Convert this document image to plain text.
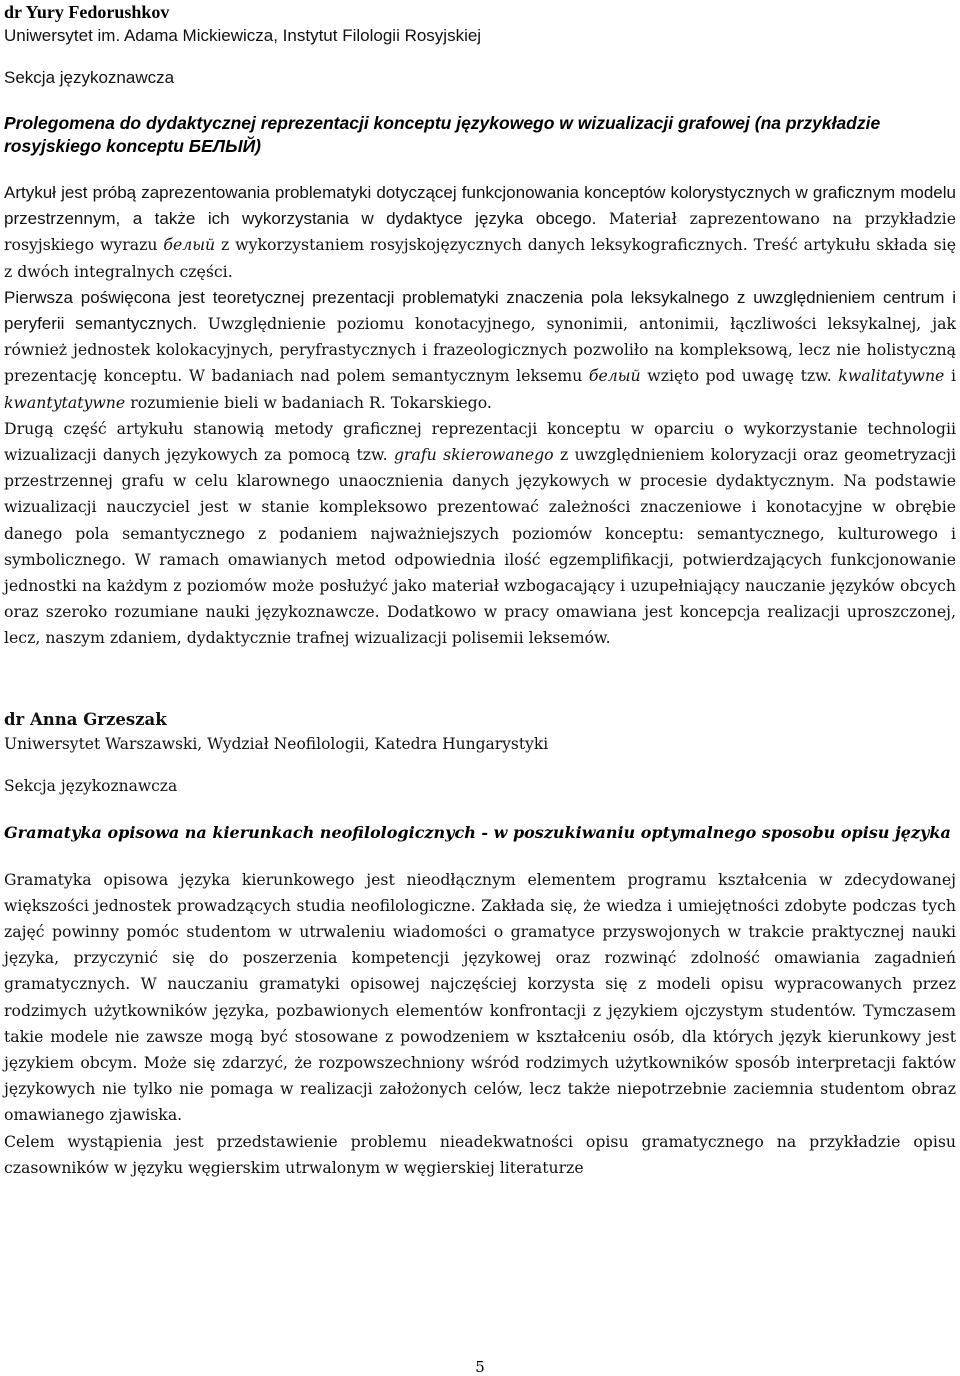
dr Yury Fedorushkov
Uniwersytet im. Adama Mickiewicza, Instytut Filologii Rosyjskiej
Sekcja językoznawcza
Prolegomena do dydaktycznej reprezentacji konceptu językowego w wizualizacji grafowej (na przykładzie rosyjskiego konceptu БЕЛЫЙ)

Artykuł jest próbą zaprezentowania problematyki dotyczącej funkcjonowania konceptów kolorystycznych w graficznym modelu przestrzennym, a także ich wykorzystania w dydaktyce języka obcego. Materiał zaprezentowano na przykładzie rosyjskiego wyrazu белый z wykorzystaniem rosyjskojęzycznych danych leksykograficznych. Treść artykułu składa się z dwóch integralnych części.

Pierwsza poświęcona jest teoretycznej prezentacji problematyki znaczenia pola leksykalnego z uwzględnieniem centrum i peryferii semantycznych. Uwzględnienie poziomu konotacyjnego, synonimii, antonimii, łączliwości leksykalnej, jak również jednostek kolokacyjnych, peryfrastycznych i frazeologicznych pozwoliło na kompleksową, lecz nie holistyczną prezentację konceptu. W badaniach nad polem semantycznym leksemu белый wzięto pod uwagę tzw. kwalitatywne i kwantytatywne rozumienie bieli w badaniach R. Tokarskiego.

Drugą część artykułu stanowią metody graficznej reprezentacji konceptu w oparciu o wykorzystanie technologii wizualizacji danych językowych za pomocą tzw. grafu skierowanego z uwzględnieniem koloryzacji oraz geometryzacji przestrzennej grafu w celu klarownego unaocznienia danych językowych w procesie dydaktycznym. Na podstawie wizualizacji nauczyciel jest w stanie kompleksowo prezentować zależności znaczeniowe i konotacyjne w obrębie danego pola semantycznego z podaniem najważniejszych poziomów konceptu: semantycznego, kulturowego i symbolicznego. W ramach omawianych metod odpowiednia ilość egzemplifikacji, potwierdzających funkcjonowanie jednostki na każdym z poziomów może posłużyć jako materiał wzbogacający i uzupełniający nauczanie języków obcych oraz szeroko rozumiane nauki językoznawcze. Dodatkowo w pracy omawiana jest koncepcja realizacji uproszczonej, lecz, naszym zdaniem, dydaktycznie trafnej wizualizacji polisemii leksemów.

dr Anna Grzeszak
Uniwersytet Warszawski, Wydział Neofilologii, Katedra Hungarystyki
Sekcja językoznawcza
Gramatyka opisowa na kierunkach neofilologicznych - w poszukiwaniu optymalnego sposobu opisu języka

Gramatyka opisowa języka kierunkowego jest nieodłącznym elementem programu kształcenia w zdecydowanej większości jednostek prowadzących studia neofilologiczne. Zakłada się, że wiedza i umiejętności zdobyte podczas tych zajęć powinny pomóc studentom w utrwaleniu wiadomości o gramatyce przyswojonych w trakcie praktycznej nauki języka, przyczynić się do poszerzenia kompetencji językowej oraz rozwinąć zdolność omawiania zagadnień gramatycznych. W nauczaniu gramatyki opisowej najczęściej korzysta się z modeli opisu wypracowanych przez rodzimych użytkowników języka, pozbawionych elementów konfrontacji z językiem ojczystym studentów. Tymczasem takie modele nie zawsze mogą być stosowane z powodzeniem w kształceniu osób, dla których język kierunkowy jest językiem obcym. Może się zdarzyć, że rozpowszechniony wśród rodzimych użytkowników sposób interpretacji faktów językowych nie tylko nie pomaga w realizacji założonych celów, lecz także niepotrzebnie zaciemnia studentom obraz omawianego zjawiska.

Celem wystąpienia jest przedstawienie problemu nieadekwatności opisu gramatycznego na przykładzie opisu czasowników w języku węgierskim utrwalonym w węgierskiej literaturze

5
